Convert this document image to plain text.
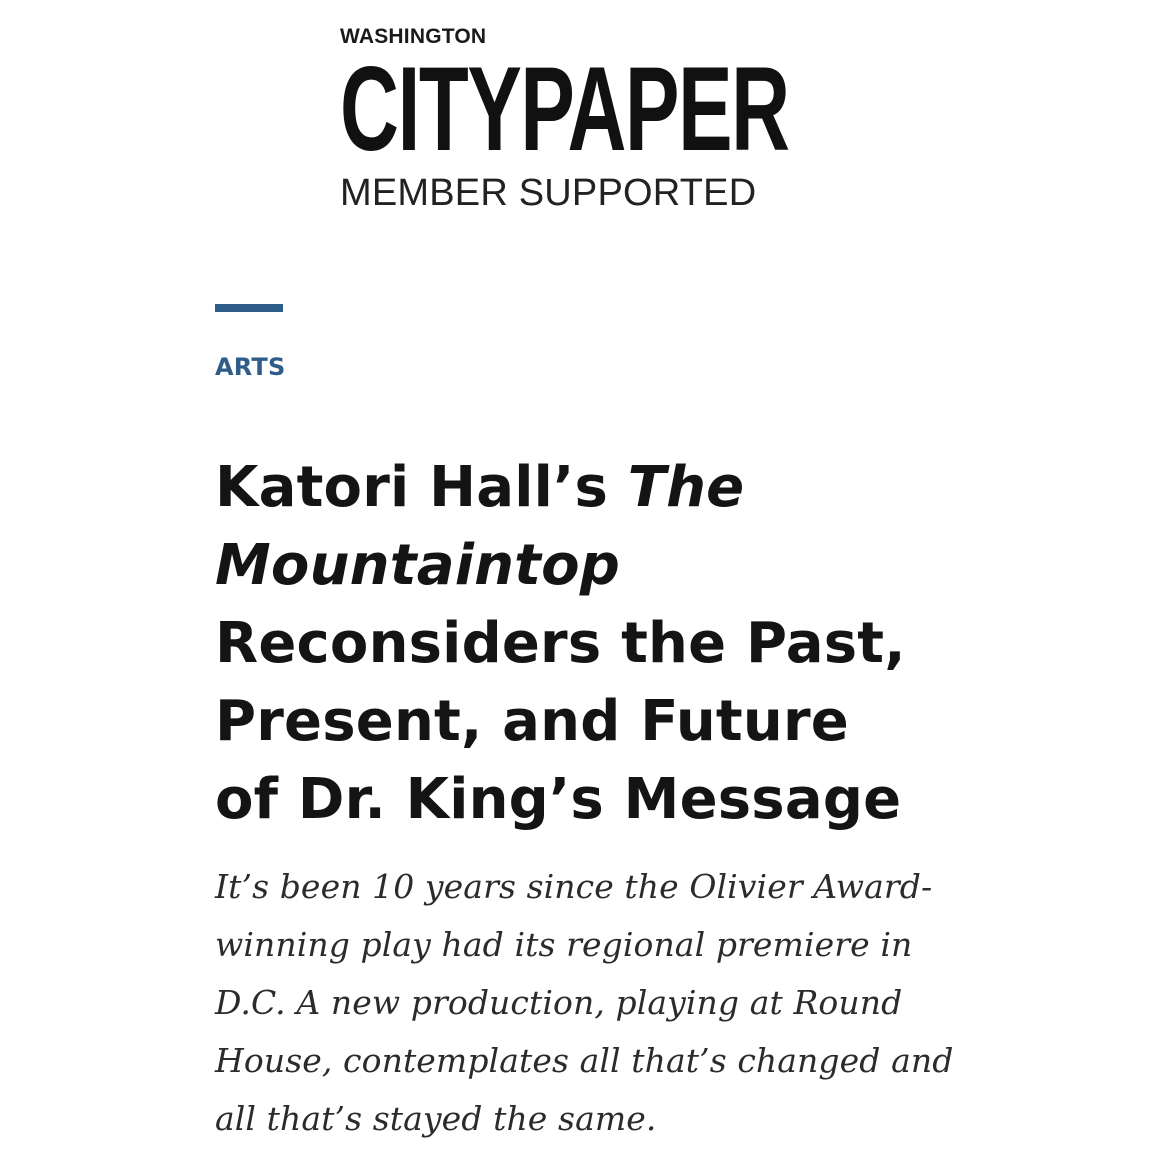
WASHINGTON
CITYPAPER
MEMBER SUPPORTED
ARTS
Katori Hall’s The
Mountaintop
Reconsiders the Past,
Present, and Future
of Dr. King’s Message

It’s been 10 years since the Olivier Award-
winning play had its regional premiere in
D.C. A new production, playing at Round
House, contemplates all that’s changed and
all that’s stayed the same.
